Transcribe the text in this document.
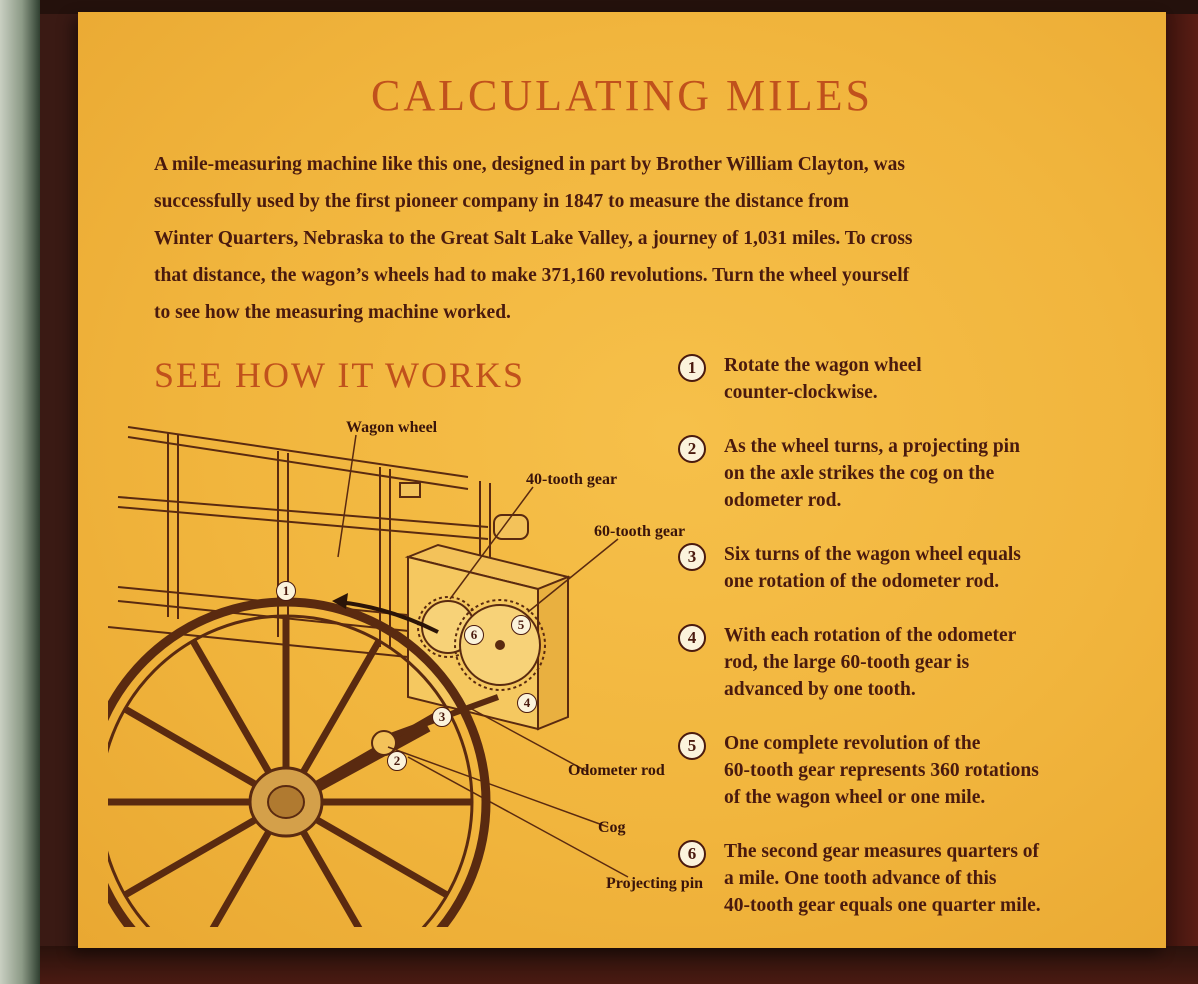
CALCULATING MILES
A mile-measuring machine like this one, designed in part by Brother William Clayton, was
successfully used by the first pioneer company in 1847 to measure the distance from
Winter Quarters, Nebraska to the Great Salt Lake Valley, a journey of 1,031 miles. To cross
that distance, the wagon’s wheels had to make 371,160 revolutions. Turn the wheel yourself
to see how the measuring machine worked.
SEE HOW IT WORKS
Wagon wheel
40-tooth gear
60-tooth gear
Odometer rod
Cog
Projecting pin
1
2
3
4
5
6
1	Rotate the wagon wheel
counter-clockwise.
2	As the wheel turns, a projecting pin
on the axle strikes the cog on the
odometer rod.
3	Six turns of the wagon wheel equals
one rotation of the odometer rod.
4	With each rotation of the odometer
rod, the large 60-tooth gear is
advanced by one tooth.
5	One complete revolution of the
60-tooth gear represents 360 rotations
of the wagon wheel or one mile.
6	The second gear measures quarters of
a mile. One tooth advance of this
40-tooth gear equals one quarter mile.
